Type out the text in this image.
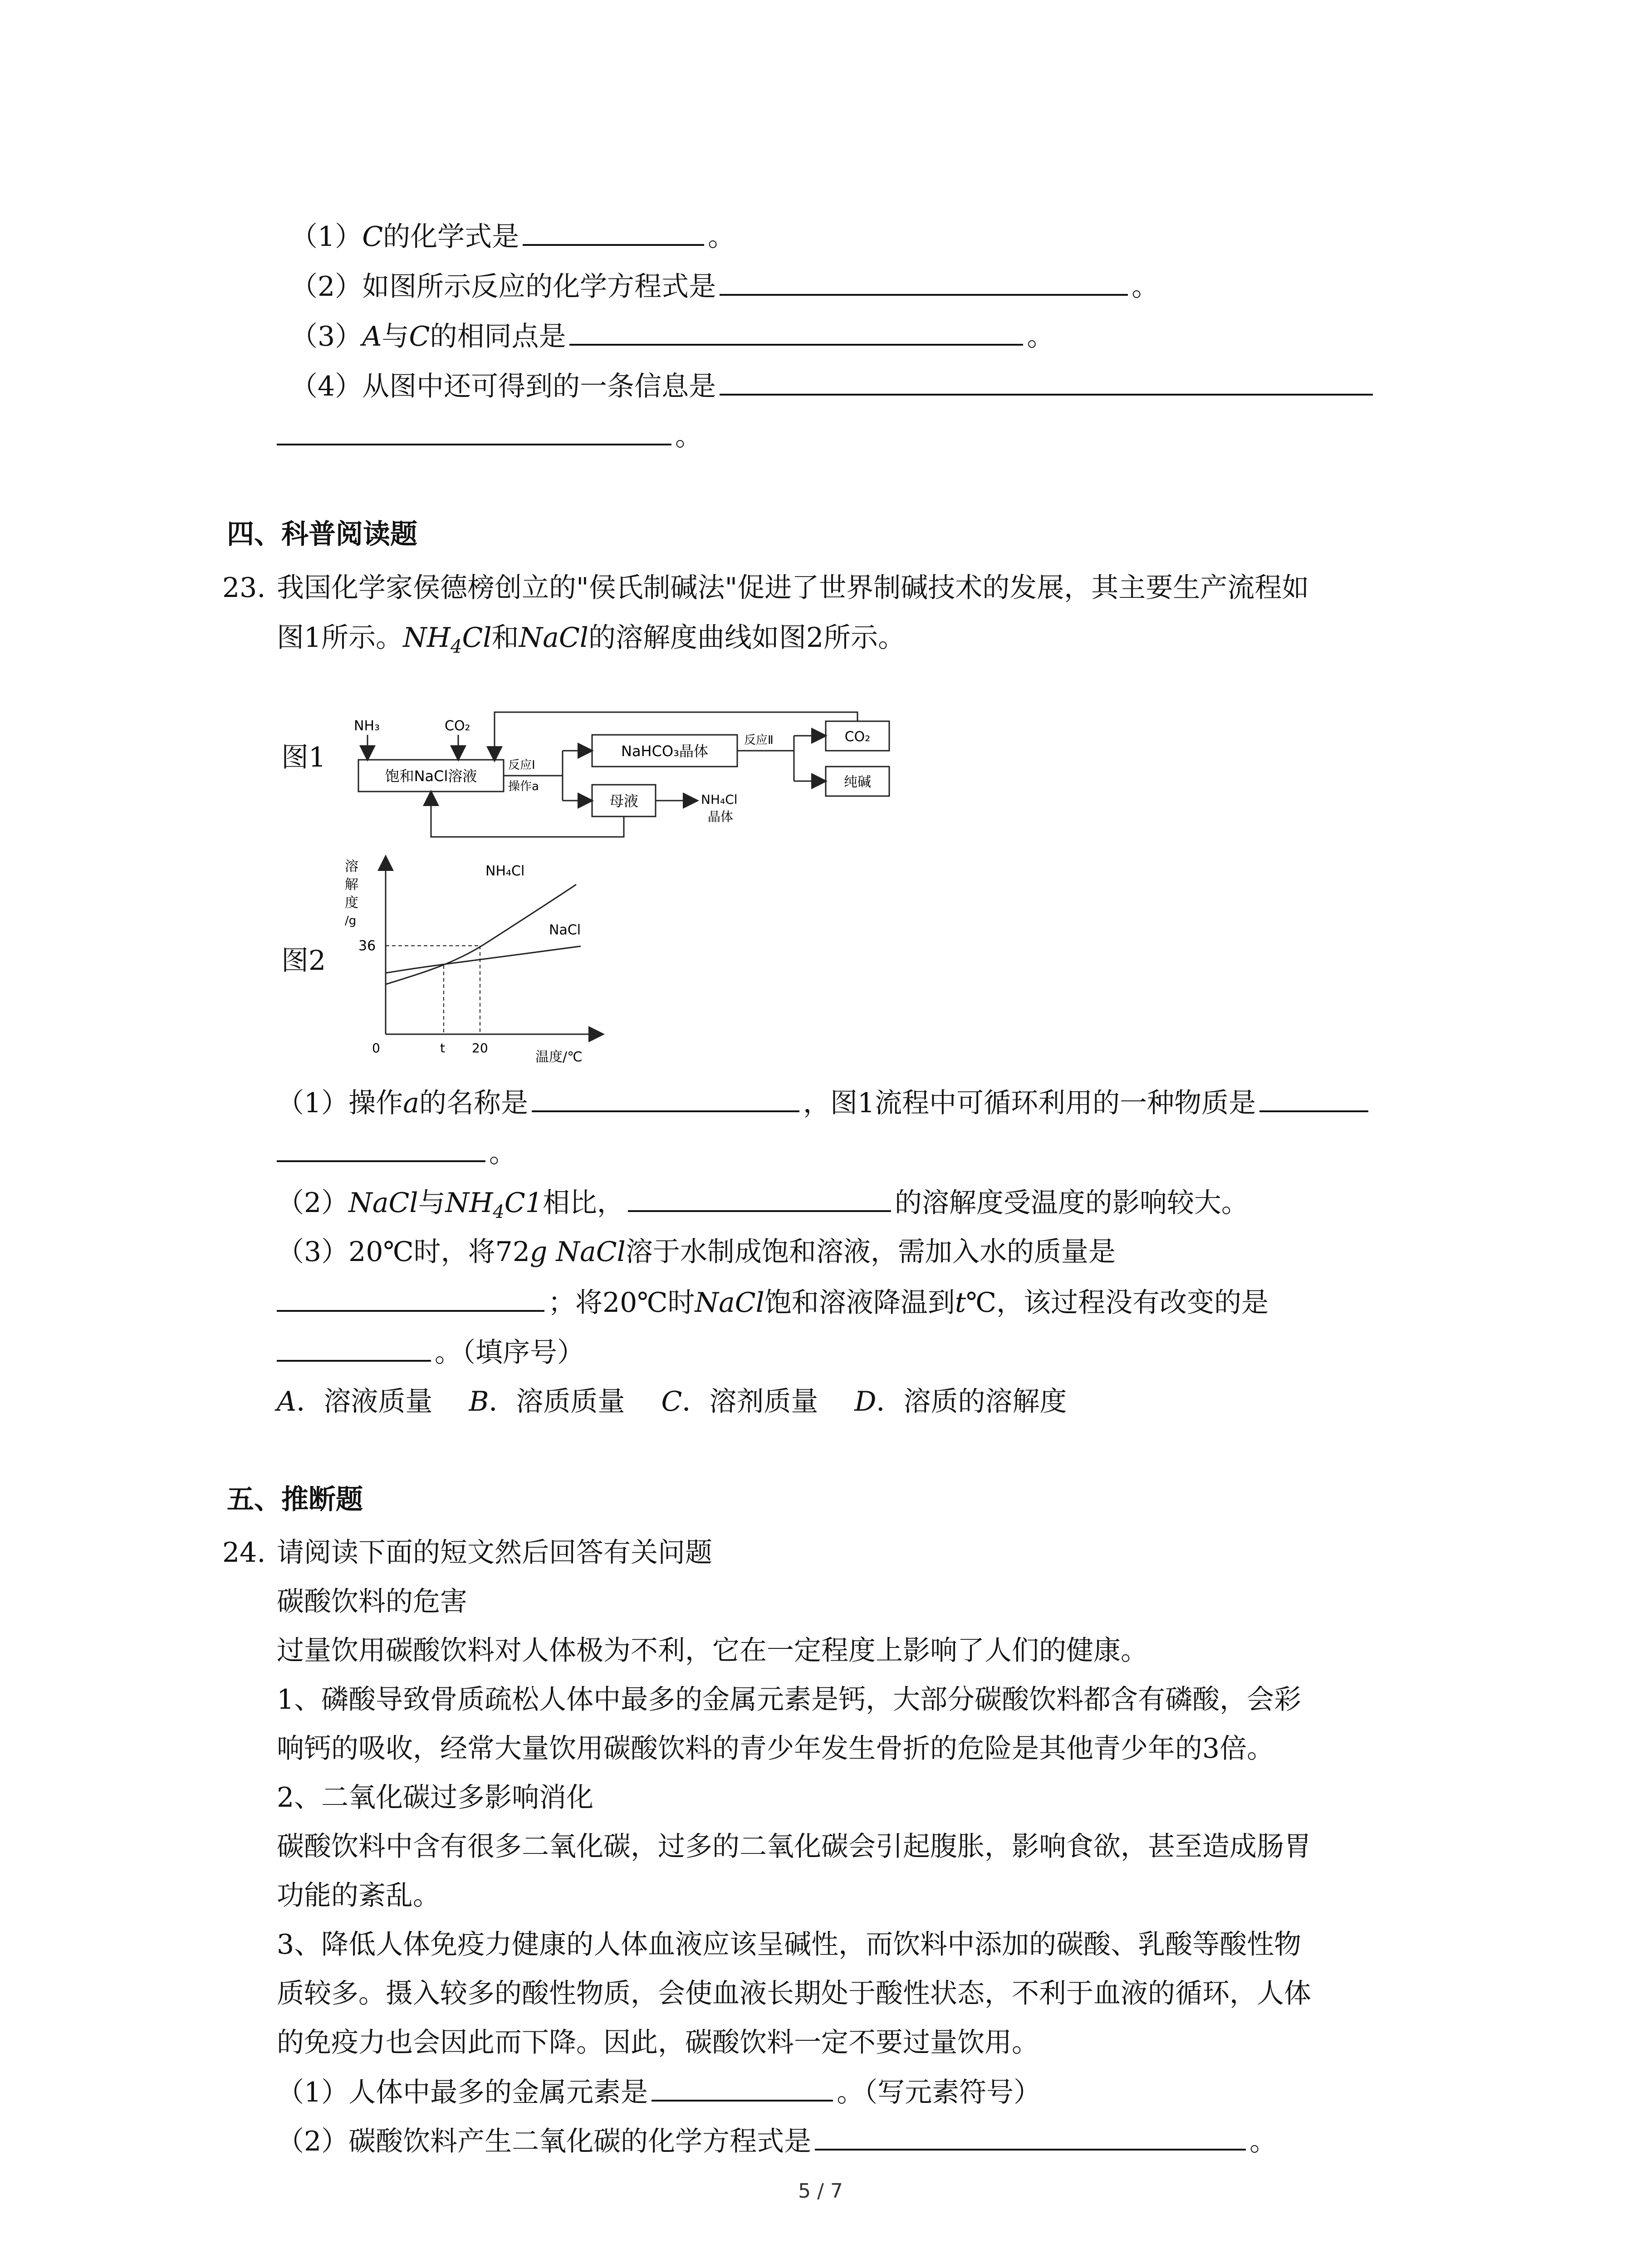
（1）C的化学式是	。
（2）如图所示反应的化学方程式是	。
（3）A与C的相同点是	。
（4）从图中还可得到的一条信息是
。
四、科普阅读题
23. 我国化学家侯德榜创立的"侯氏制碱法"促进了世界制碱技术的发展，其主要生产流程如
图1所示。$NH_4Cl$和NaCl的溶解度曲线如图2所示。
图1
NH₃	CO₂
饱和NaCl溶液
反应Ⅰ
操作a
NaHCO₃晶体
反应Ⅱ	CO₂
纯碱
母液	NH₄Cl
晶体
图2
溶
解
度
/g
36
0	t 20
温度/℃
NH₄Cl
NaCl
（1）操作a的名称是	，图1流程中可循环利用的一种物质是
。
（2）NaCl与$NH_4C1$相比，	的溶解度受温度的影响较大。
（3）20℃时，将72g NaCl溶于水制成饱和溶液，需加入水的质量是
；将20℃时NaCl饱和溶液降温到t℃，该过程没有改变的是
。（填序号）
A．溶液质量 B．溶质质量 C．溶剂质量 D．溶质的溶解度
五、推断题
24. 请阅读下面的短文然后回答有关问题
碳酸饮料的危害
过量饮用碳酸饮料对人体极为不利，它在一定程度上影响了人们的健康。
1、磷酸导致骨质疏松人体中最多的金属元素是钙，大部分碳酸饮料都含有磷酸，会彩
响钙的吸收，经常大量饮用碳酸饮料的青少年发生骨折的危险是其他青少年的3倍。
2、二氧化碳过多影响消化
碳酸饮料中含有很多二氧化碳，过多的二氧化碳会引起腹胀，影响食欲，甚至造成肠胃
功能的紊乱。
3、降低人体免疫力健康的人体血液应该呈碱性，而饮料中添加的碳酸、乳酸等酸性物
质较多。摄入较多的酸性物质，会使血液长期处于酸性状态，不利于血液的循环，人体
的免疫力也会因此而下降。因此，碳酸饮料一定不要过量饮用。
（1）人体中最多的金属元素是	。（写元素符号）
（2）碳酸饮料产生二氧化碳的化学方程式是	。
5 / 7
